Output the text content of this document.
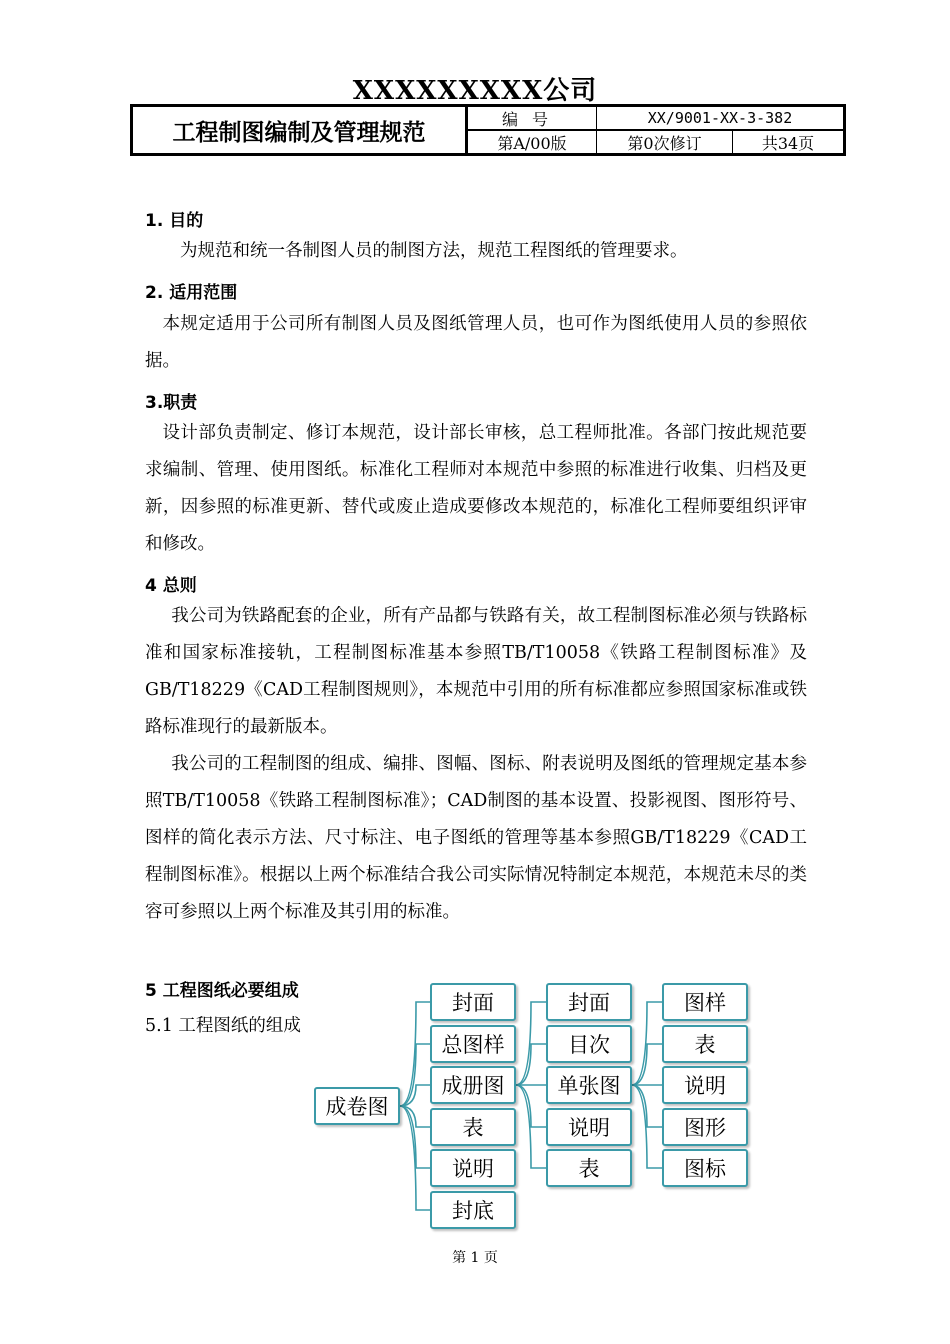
XXXXXXXXX公司
工程制图编制及管理规范
编号	XX/9001-XX-3-382
第A/00版	第0次修订	共34页
1. 目的
为规范和统一各制图人员的制图方法，规范工程图纸的管理要求。
2. 适用范围
本规定适用于公司所有制图人员及图纸管理人员，也可作为图纸使用人员的参照依据。
3.职责
设计部负责制定、修订本规范，设计部长审核，总工程师批准。各部门按此规范要求编制、管理、使用图纸。标准化工程师对本规范中参照的标准进行收集、归档及更新，因参照的标准更新、替代或废止造成要修改本规范的，标准化工程师要组织评审和修改。
4 总则
我公司为铁路配套的企业，所有产品都与铁路有关，故工程制图标准必须与铁路标准和国家标准接轨，工程制图标准基本参照TB/T10058《铁路工程制图标准》及GB/T18229《CAD工程制图规则》，本规范中引用的所有标准都应参照国家标准或铁路标准现行的最新版本。
我公司的工程制图的组成、编排、图幅、图标、附表说明及图纸的管理规定基本参照TB/T10058《铁路工程制图标准》；CAD制图的基本设置、投影视图、图形符号、图样的简化表示方法、尺寸标注、电子图纸的管理等基本参照GB/T18229《CAD工程制图标准》。根据以上两个标准结合我公司实际情况特制定本规范，本规范未尽的类容可参照以上两个标准及其引用的标准。
5 工程图纸必要组成
5.1 工程图纸的组成
成卷图
封面
总图样
成册图
表
说明
封底
封面
目次
单张图
说明
表
图样
表
说明
图形
图标
第 1 页
